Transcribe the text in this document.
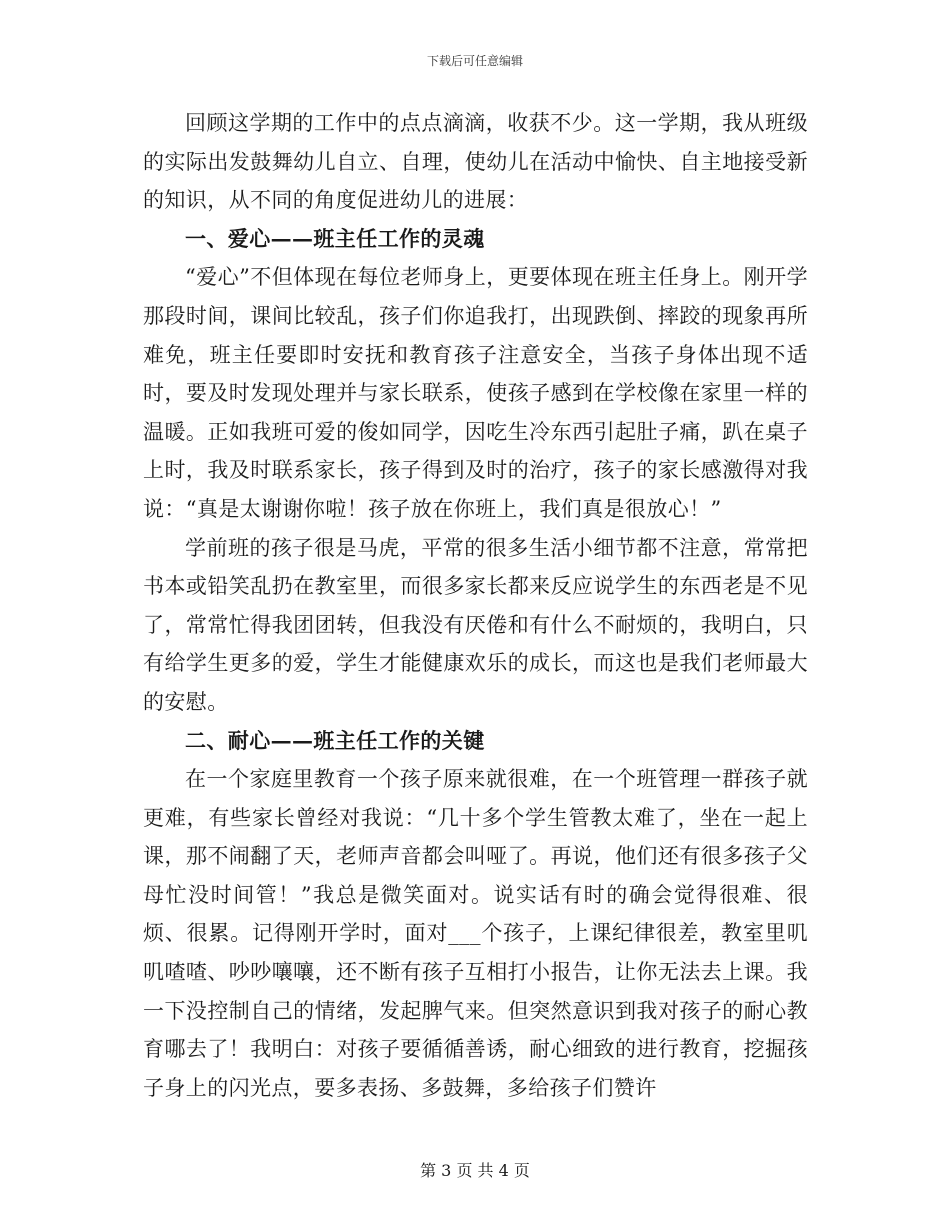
下载后可任意编辑

回顾这学期的工作中的点点滴滴，收获不少。这一学期，我从班级的实际出发鼓舞幼儿自立、自理，使幼儿在活动中愉快、自主地接受新的知识，从不同的角度促进幼儿的进展：

一、爱心——班主任工作的灵魂

“爱心”不但体现在每位老师身上，更要体现在班主任身上。刚开学那段时间，课间比较乱，孩子们你追我打，出现跌倒、摔跤的现象再所难免，班主任要即时安抚和教育孩子注意安全，当孩子身体出现不适时，要及时发现处理并与家长联系，使孩子感到在学校像在家里一样的温暖。正如我班可爱的俊如同学，因吃生冷东西引起肚子痛，趴在桌子上时，我及时联系家长，孩子得到及时的治疗，孩子的家长感激得对我说：“真是太谢谢你啦！孩子放在你班上，我们真是很放心！”

学前班的孩子很是马虎，平常的很多生活小细节都不注意，常常把书本或铅笑乱扔在教室里，而很多家长都来反应说学生的东西老是不见了，常常忙得我团团转，但我没有厌倦和有什么不耐烦的，我明白，只有给学生更多的爱，学生才能健康欢乐的成长，而这也是我们老师最大的安慰。

二、耐心——班主任工作的关键

在一个家庭里教育一个孩子原来就很难，在一个班管理一群孩子就更难，有些家长曾经对我说：“几十多个学生管教太难了，坐在一起上课，那不闹翻了天，老师声音都会叫哑了。再说，他们还有很多孩子父母忙没时间管！”我总是微笑面对。说实话有时的确会觉得很难、很烦、很累。记得刚开学时，面对___个孩子，上课纪律很差，教室里叽叽喳喳、吵吵嚷嚷，还不断有孩子互相打小报告，让你无法去上课。我一下没控制自己的情绪，发起脾气来。但突然意识到我对孩子的耐心教育哪去了！我明白：对孩子要循循善诱，耐心细致的进行教育，挖掘孩子身上的闪光点，要多表扬、多鼓舞，多给孩子们赞许

第 3 页 共 4 页
